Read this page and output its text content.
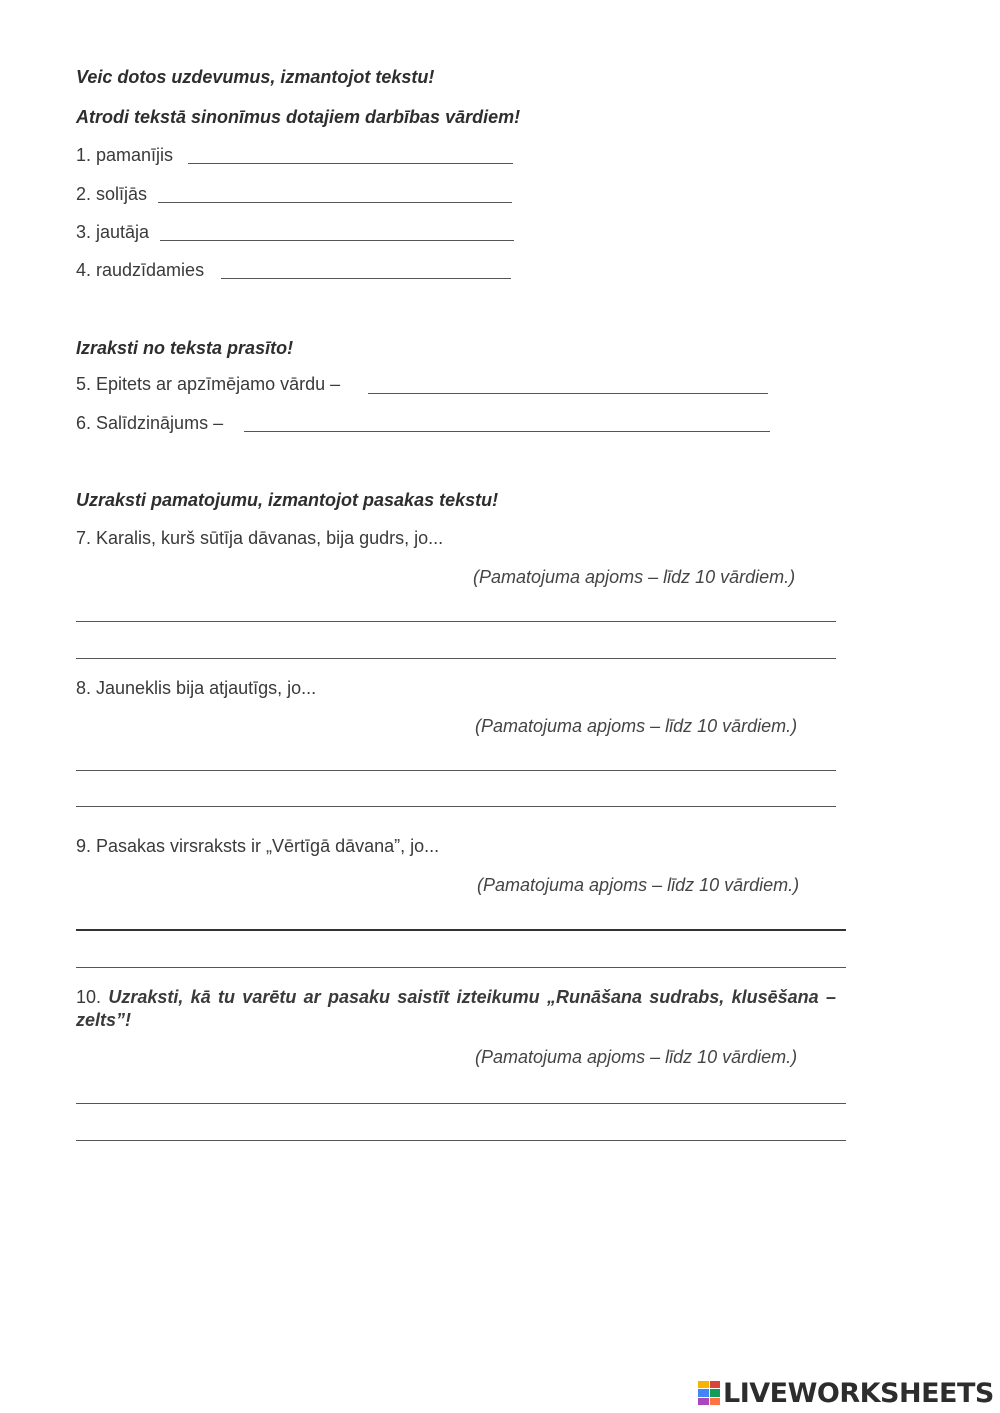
Veic dotos uzdevumus, izmantojot tekstu!
Atrodi tekstā sinonīmus dotajiem darbības vārdiem!
1. pamanījis
2. solījās
3. jautāja
4. raudzīdamies
Izraksti no teksta prasīto!
5. Epitets ar apzīmējamo vārdu –
6. Salīdzinājums –
Uzraksti pamatojumu, izmantojot pasakas tekstu!
7. Karalis, kurš sūtīja dāvanas, bija gudrs, jo...
(Pamatojuma apjoms – līdz 10 vārdiem.)
8. Jauneklis bija atjautīgs, jo...
(Pamatojuma apjoms – līdz 10 vārdiem.)
9. Pasakas virsraksts ir „Vērtīgā dāvana”, jo...
(Pamatojuma apjoms – līdz 10 vārdiem.)
10. Uzraksti, kā tu varētu ar pasaku saistīt izteikumu „Runāšana sudrabs, klusēšana – zelts”!
(Pamatojuma apjoms – līdz 10 vārdiem.)
LIVEWORKSHEETS
